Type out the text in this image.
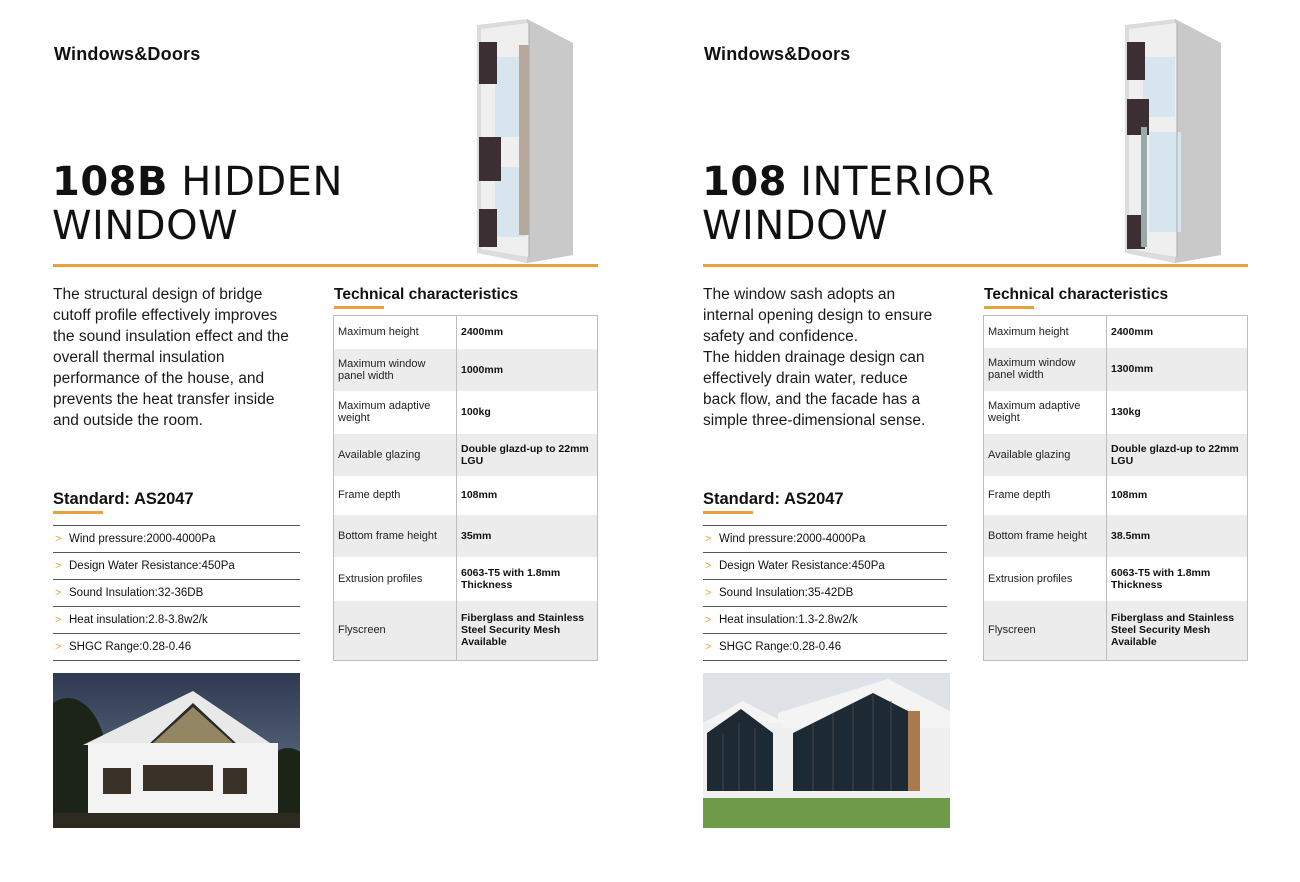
Windows&Doors
108B HIDDEN
WINDOW

The structural design of bridge cutoff profile effectively improves the sound insulation effect and the overall thermal insulation performance of the house, and prevents the heat transfer inside and outside the room.

Standard: AS2047
> Wind pressure:2000-4000Pa
> Design Water Resistance:450Pa
> Sound Insulation:32-36DB
> Heat insulation:2.8-3.8w2/k
> SHGC Range:0.28-0.46
Technical characteristics
Maximum height	2400mm
Maximum window panel width	1000mm
Maximum adaptive weight	100kg
Available glazing	Double glazd-up to 22mm LGU
Frame depth	108mm
Bottom frame height	35mm
Extrusion profiles	6063-T5 with 1.8mm Thickness
Flyscreen	Fiberglass and Stainless Steel Security Mesh Available
Windows&Doors
108 INTERIOR
WINDOW

The window sash adopts an internal opening design to ensure safety and confidence.

The hidden drainage design can effectively drain water, reduce back flow, and the facade has a simple three-dimensional sense.

Standard: AS2047
> Wind pressure:2000-4000Pa
> Design Water Resistance:450Pa
> Sound Insulation:35-42DB
> Heat insulation:1.3-2.8w2/k
> SHGC Range:0.28-0.46
Technical characteristics
Maximum height	2400mm
Maximum window panel width	1300mm
Maximum adaptive weight	130kg
Available glazing	Double glazd-up to 22mm LGU
Frame depth	108mm
Bottom frame height	38.5mm
Extrusion profiles	6063-T5 with 1.8mm Thickness
Flyscreen	Fiberglass and Stainless Steel Security Mesh Available
